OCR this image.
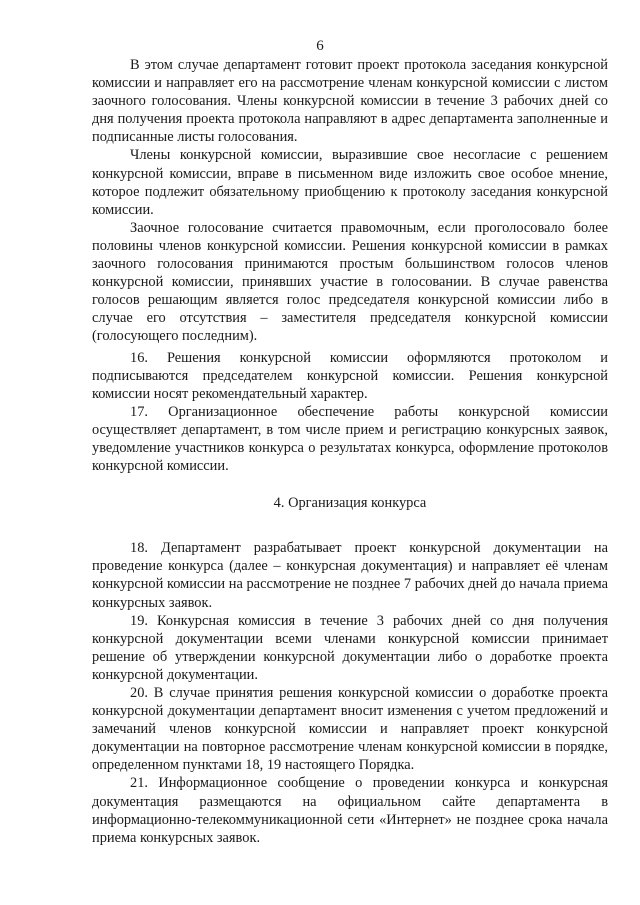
6

В этом случае департамент готовит проект протокола заседания конкурсной комиссии и направляет его на рассмотрение членам конкурсной комиссии с листом заочного голосования. Члены конкурсной комиссии в течение 3 рабочих дней со дня получения проекта протокола направляют в адрес департамента заполненные и подписанные листы голосования.

Члены конкурсной комиссии, выразившие свое несогласие с решением конкурсной комиссии, вправе в письменном виде изложить свое особое мнение, которое подлежит обязательному приобщению к протоколу заседания конкурсной комиссии.

Заочное голосование считается правомочным, если проголосовало более половины членов конкурсной комиссии. Решения конкурсной комиссии в рамках заочного голосования принимаются простым большинством голосов членов конкурсной комиссии, принявших участие в голосовании. В случае равенства голосов решающим является голос председателя конкурсной комиссии либо в случае его отсутствия – заместителя председателя конкурсной комиссии (голосующего последним).

16. Решения конкурсной комиссии оформляются протоколом и подписываются председателем конкурсной комиссии. Решения конкурсной комиссии носят рекомендательный характер.

17. Организационное обеспечение работы конкурсной комиссии осуществляет департамент, в том числе прием и регистрацию конкурсных заявок, уведомление участников конкурса о результатах конкурса, оформление протоколов конкурсной комиссии.

4. Организация конкурса

18. Департамент разрабатывает проект конкурсной документации на проведение конкурса (далее – конкурсная документация) и направляет её членам конкурсной комиссии на рассмотрение не позднее 7 рабочих дней до начала приема конкурсных заявок.

19. Конкурсная комиссия в течение 3 рабочих дней со дня получения конкурсной документации всеми членами конкурсной комиссии принимает решение об утверждении конкурсной документации либо о доработке проекта конкурсной документации.

20. В случае принятия решения конкурсной комиссии о доработке проекта конкурсной документации департамент вносит изменения с учетом предложений и замечаний членов конкурсной комиссии и направляет проект конкурсной документации на повторное рассмотрение членам конкурсной комиссии в порядке, определенном пунктами 18, 19 настоящего Порядка.

21. Информационное сообщение о проведении конкурса и конкурсная документация размещаются на официальном сайте департамента в информационно-телекоммуникационной сети «Интернет» не позднее срока начала приема конкурсных заявок.
